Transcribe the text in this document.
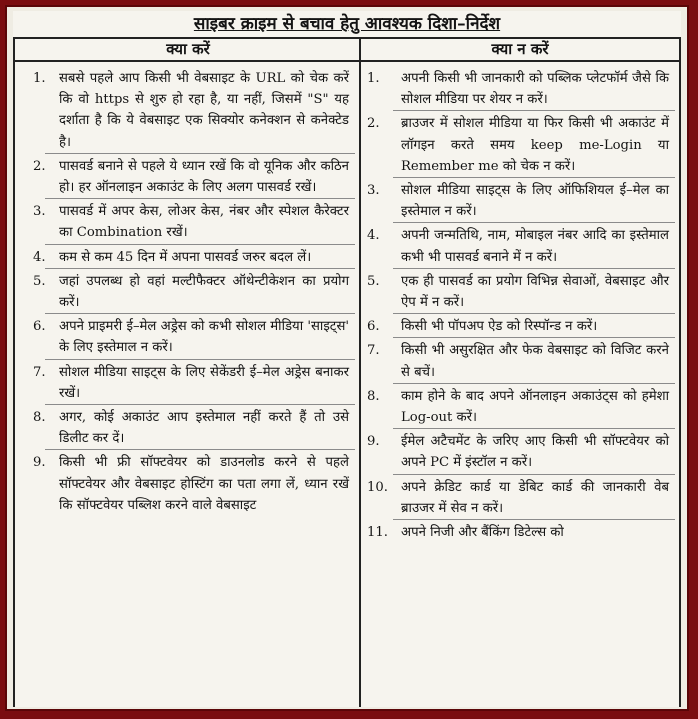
साइबर क्राइम से बचाव हेतु आवश्यक दिशा–निर्देश
क्या करें	क्या न करें
1. सबसे पहले आप किसी भी वेबसाइट के URL को चेक करें कि वो https से शुरु हो रहा है, या नहीं, जिसमें "S" यह दर्शाता है कि ये वेबसाइट एक सिक्योर कनेक्शन से कनेक्टेड है।
2. पासवर्ड बनाने से पहले ये ध्यान रखें कि वो यूनिक और कठिन हो। हर ऑनलाइन अकाउंट के लिए अलग पासवर्ड रखें।
3. पासवर्ड में अपर केस, लोअर केस, नंबर और स्पेशल कैरेक्टर का Combination रखें।
4. कम से कम 45 दिन में अपना पासवर्ड जरुर बदल लें।
5. जहां उपलब्ध हो वहां मल्टीफैक्टर ऑथेन्टीकेशन का प्रयोग करें।
6. अपने प्राइमरी ई–मेल अड्रेस को कभी सोशल मीडिया 'साइट्स' के लिए इस्तेमाल न करें।
7. सोशल मीडिया साइट्स के लिए सेकेंडरी ई–मेल अड्रेस बनाकर रखें।
8. अगर, कोई अकाउंट आप इस्तेमाल नहीं करते हैं तो उसे डिलीट कर दें।
9. किसी भी फ्री सॉफ्टवेयर को डाउनलोड करने से पहले सॉफ्टवेयर और वेबसाइट होस्टिंग का पता लगा लें, ध्यान रखें कि सॉफ्टवेयर पब्लिश करने वाले वेबसाइट
1. अपनी किसी भी जानकारी को पब्लिक प्लेटफॉर्म जैसे कि सोशल मीडिया पर शेयर न करें।
2. ब्राउजर में सोशल मीडिया या फिर किसी भी अकाउंट में लॉगइन करते समय keep me-Login या Remember me को चेक न करें।
3. सोशल मीडिया साइट्स के लिए ऑफिशियल ई–मेल का इस्तेमाल न करें।
4. अपनी जन्मतिथि, नाम, मोबाइल नंबर आदि का इस्तेमाल कभी भी पासवर्ड बनाने में न करें।
5. एक ही पासवर्ड का प्रयोग विभिन्न सेवाओं, वेबसाइट और ऐप में न करें।
6. किसी भी पॉपअप ऐड को रिस्पॉन्ड न करें।
7. किसी भी असुरक्षित और फेक वेबसाइट को विजिट करने से बचें।
8. काम होने के बाद अपने ऑनलाइन अकाउंट्स को हमेशा Log-out करें।
9. ईमेल अटैचमेंट के जरिए आए किसी भी सॉफ्टवेयर को अपने PC में इंस्टॉल न करें।
10. अपने क्रेडिट कार्ड या डेबिट कार्ड की जानकारी वेब ब्राउजर में सेव न करें।
11. अपने निजी और बैंकिंग डिटेल्स को
